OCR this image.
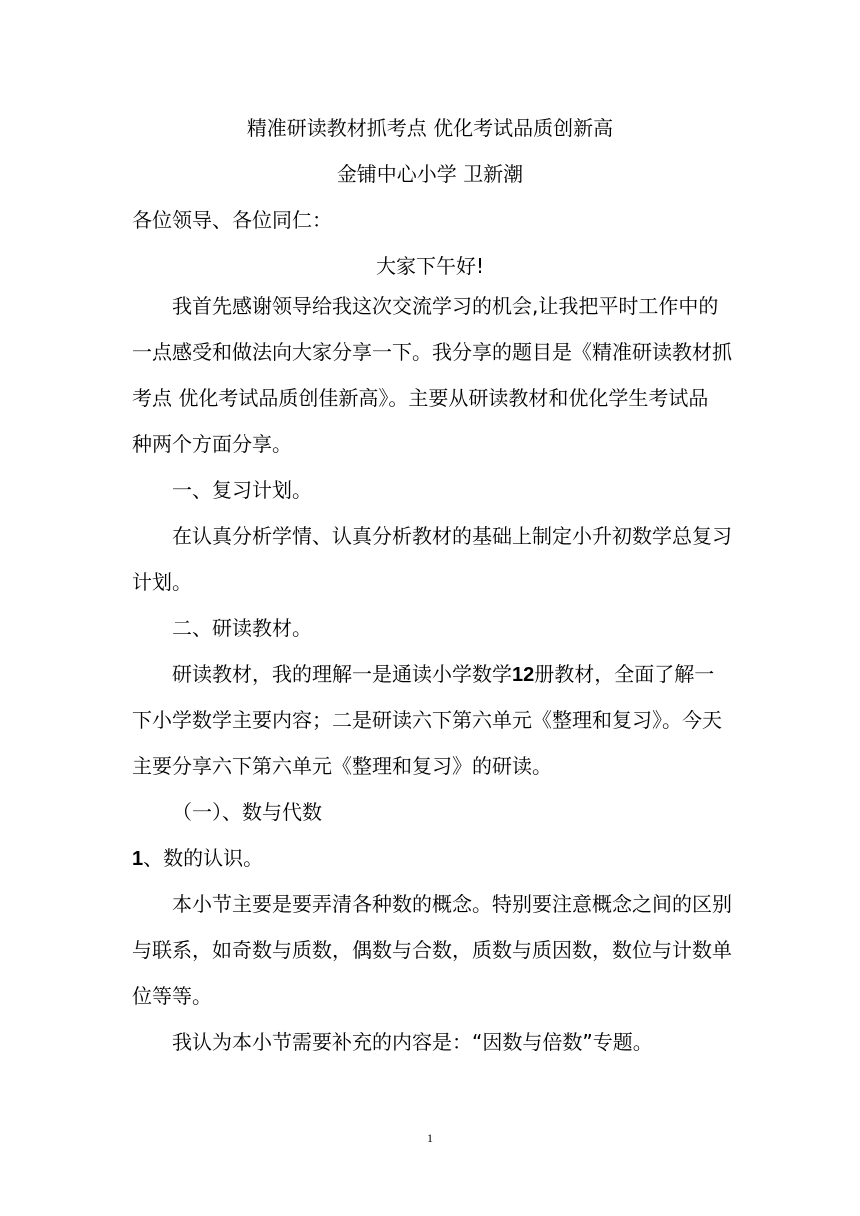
精准研读教材抓考点 优化考试品质创新高
金铺中心小学 卫新潮
各位领导、各位同仁：
大家下午好!
我首先感谢领导给我这次交流学习的机会,让我把平时工作中的
一点感受和做法向大家分享一下。我分享的题目是《精准研读教材抓
考点 优化考试品质创佳新高》。主要从研读教材和优化学生考试品
种两个方面分享。
一、复习计划。
在认真分析学情、认真分析教材的基础上制定小升初数学总复习
计划。
二、研读教材。
研读教材，我的理解一是通读小学数学12册教材，全面了解一
下小学数学主要内容；二是研读六下第六单元《整理和复习》。今天
主要分享六下第六单元《整理和复习》的研读。
（一）、数与代数
1、数的认识。
本小节主要是要弄清各种数的概念。特别要注意概念之间的区别
与联系，如奇数与质数，偶数与合数，质数与质因数，数位与计数单
位等等。
我认为本小节需要补充的内容是：“因数与倍数”专题。
1
